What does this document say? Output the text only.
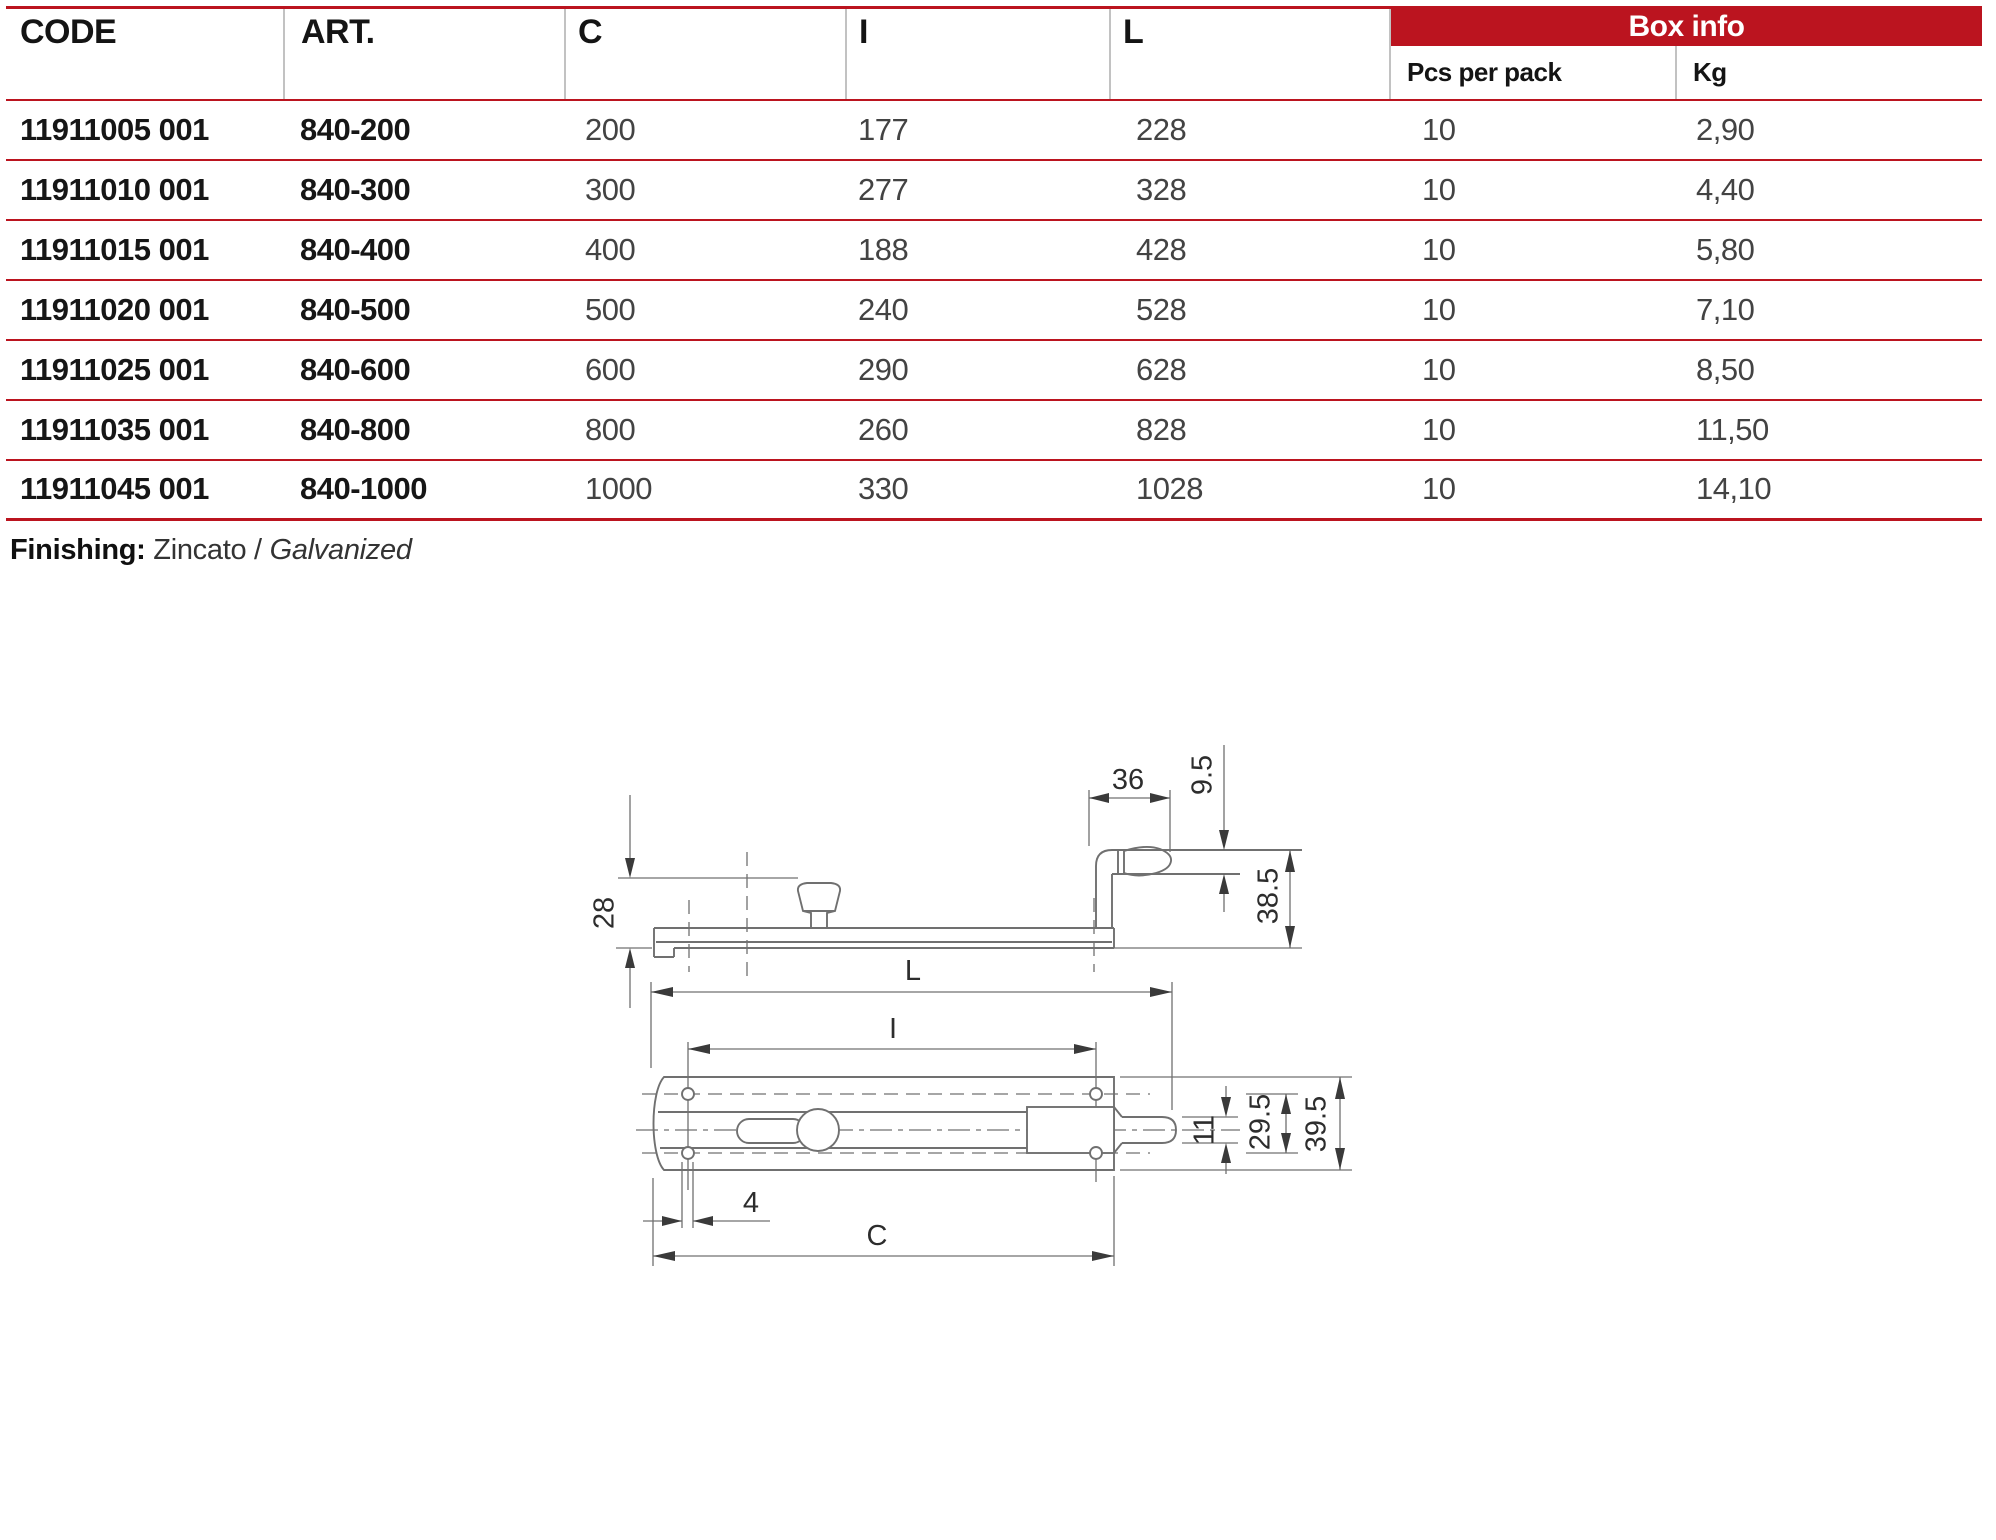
CODE	ART.	C	I	L	Box info	
					Pcs per pack	Kg
11911005 001	840-200	200	177	228	10	2,90
11911010 001	840-300	300	277	328	10	4,40
11911015 001	840-400	400	188	428	10	5,80
11911020 001	840-500	500	240	528	10	7,10
11911025 001	840-600	600	290	628	10	8,50
11911035 001	840-800	800	260	828	10	11,50
11911045 001	840-1000	1000	330	1028	10	14,10
Finishing: Zincato / Galvanized
28
36 9.5
38.5
L
I
C
4
11 29.5 39.5
